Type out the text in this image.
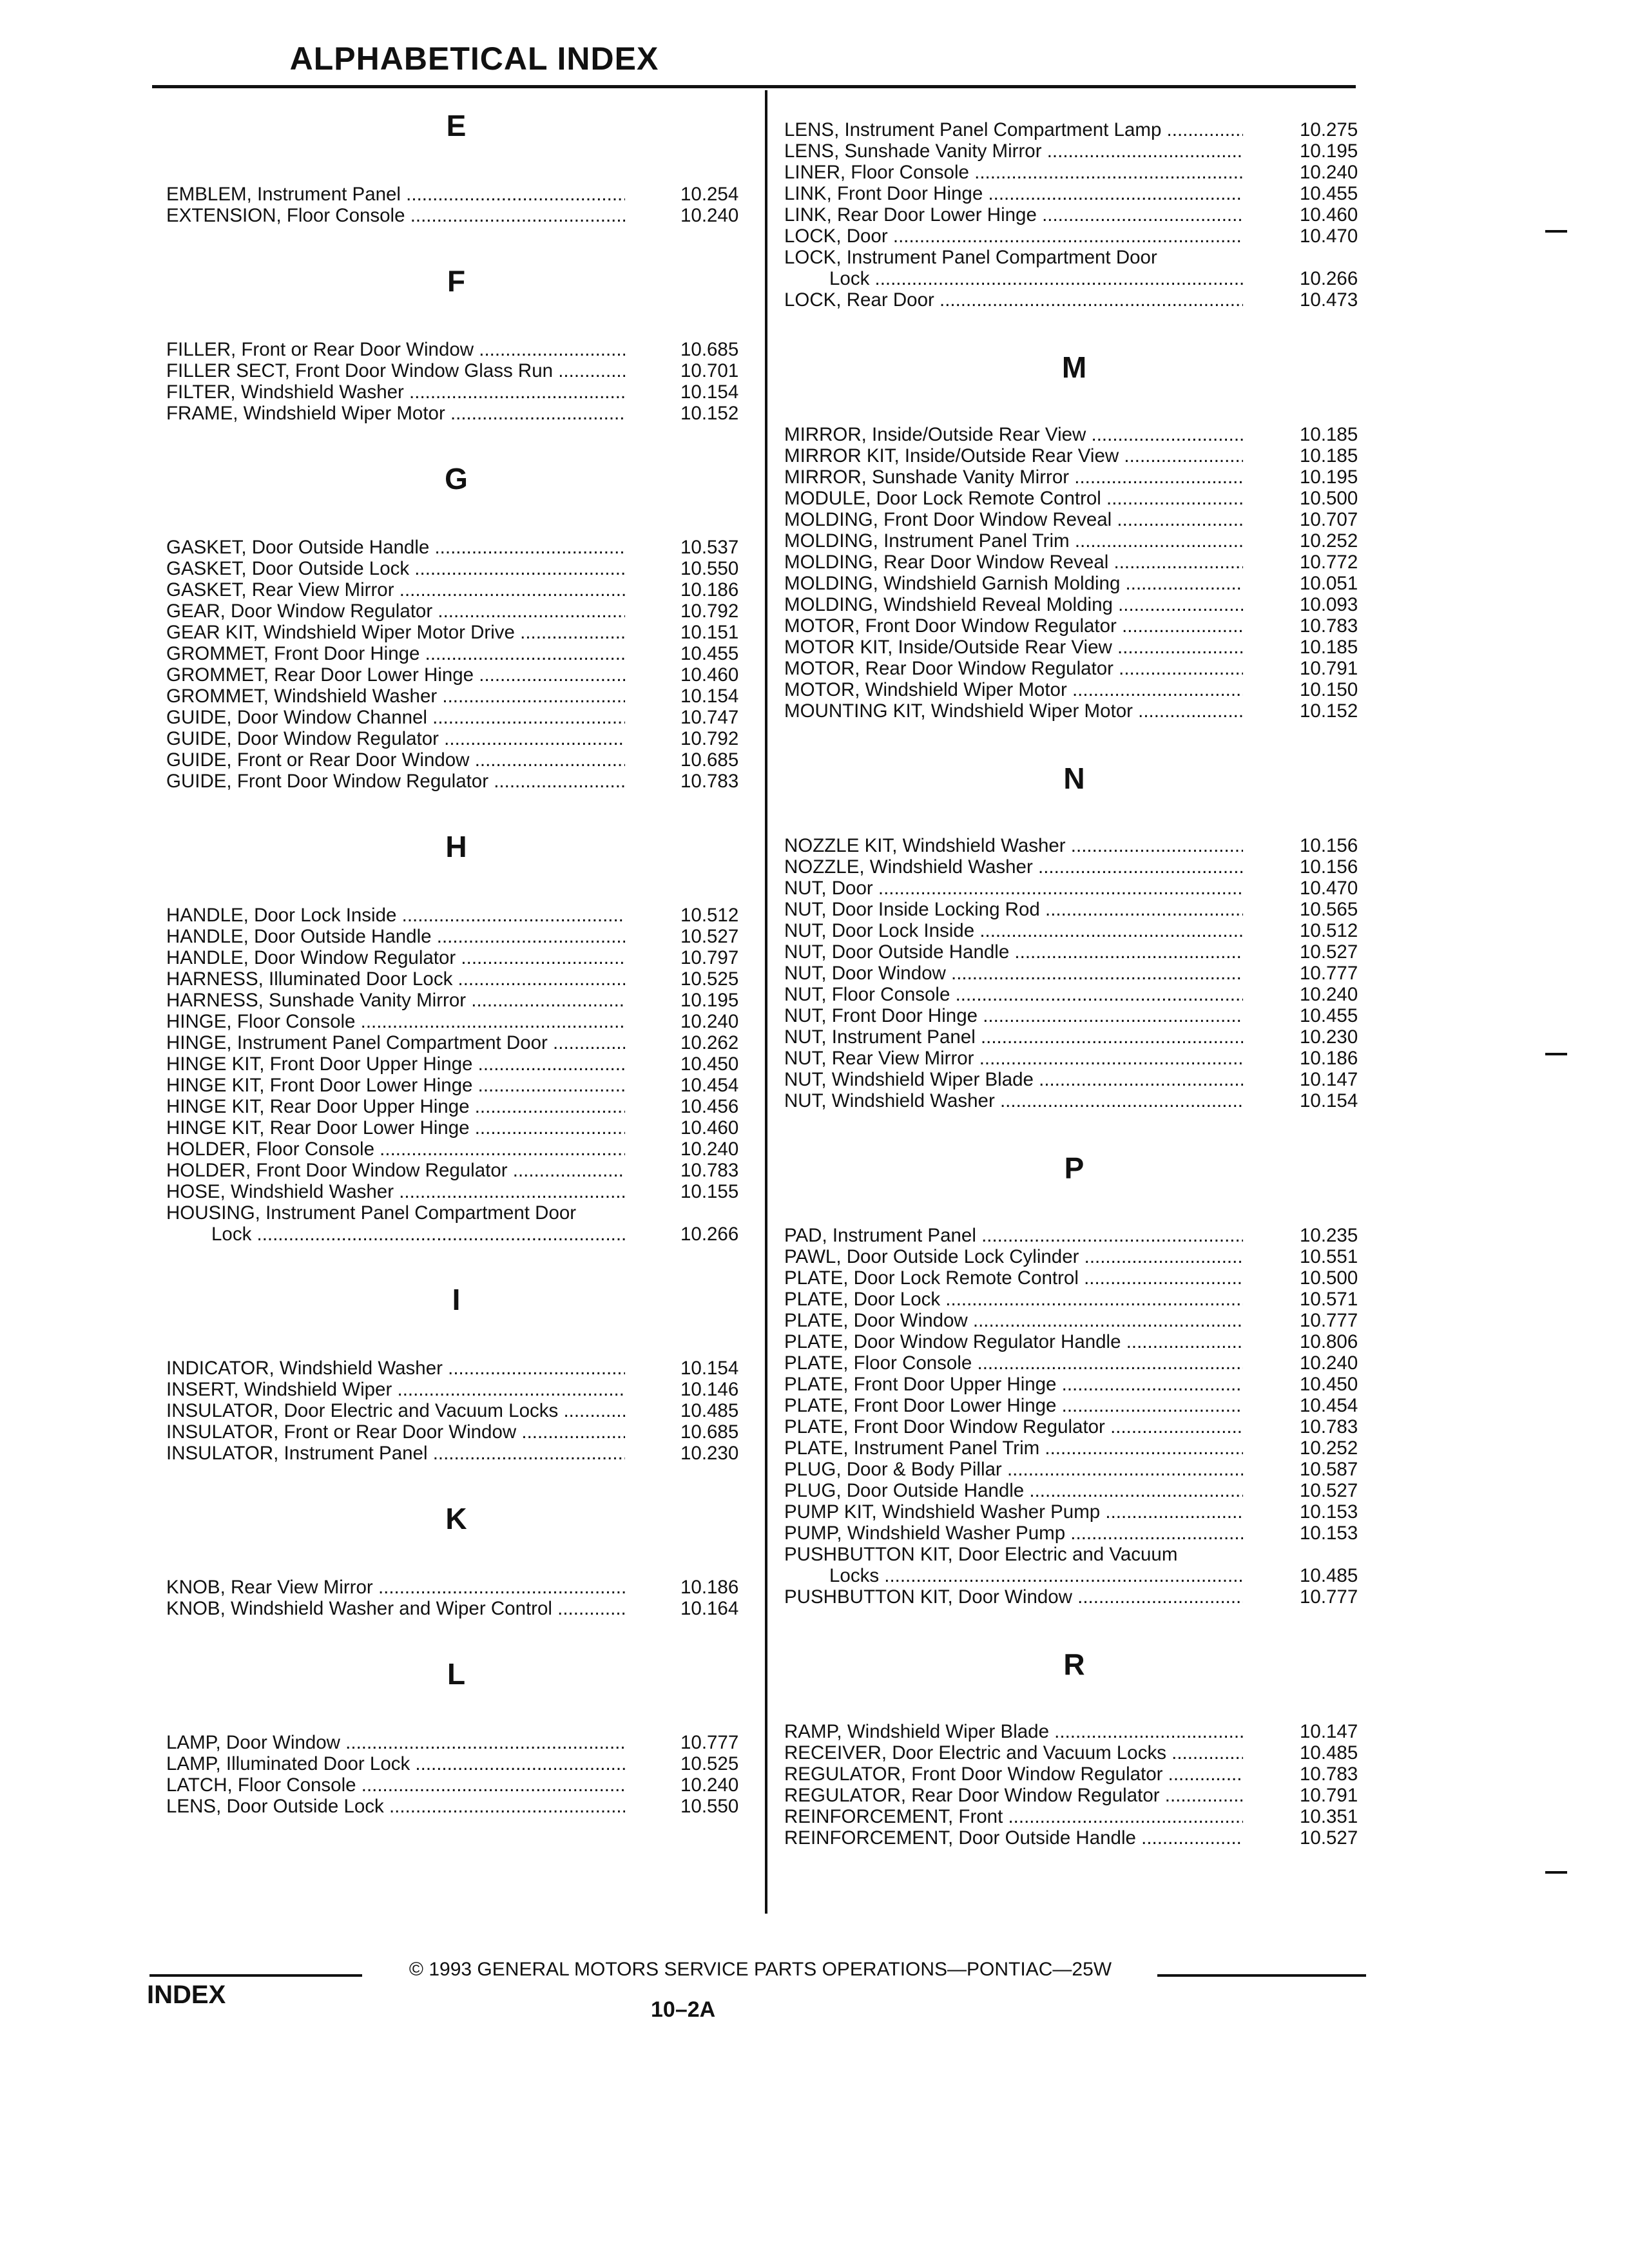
ALPHABETICAL INDEX
E
EMBLEM, Instrument Panel .....	10.254
EXTENSION, Floor Console .....	10.240
F
FILLER, Front or Rear Door Window .....	10.685
FILLER SECT, Front Door Window Glass Run .....	10.701
FILTER, Windshield Washer .....	10.154
FRAME, Windshield Wiper Motor .....	10.152
G
GASKET, Door Outside Handle .....	10.537
GASKET, Door Outside Lock .....	10.550
GASKET, Rear View Mirror .....	10.186
GEAR, Door Window Regulator .....	10.792
GEAR KIT, Windshield Wiper Motor Drive .....	10.151
GROMMET, Front Door Hinge .....	10.455
GROMMET, Rear Door Lower Hinge .....	10.460
GROMMET, Windshield Washer .....	10.154
GUIDE, Door Window Channel .....	10.747
GUIDE, Door Window Regulator .....	10.792
GUIDE, Front or Rear Door Window .....	10.685
GUIDE, Front Door Window Regulator .....	10.783
H
HANDLE, Door Lock Inside .....	10.512
HANDLE, Door Outside Handle .....	10.527
HANDLE, Door Window Regulator .....	10.797
HARNESS, Illuminated Door Lock .....	10.525
HARNESS, Sunshade Vanity Mirror .....	10.195
HINGE, Floor Console .....	10.240
HINGE, Instrument Panel Compartment Door .....	10.262
HINGE KIT, Front Door Upper Hinge .....	10.450
HINGE KIT, Front Door Lower Hinge .....	10.454
HINGE KIT, Rear Door Upper Hinge .....	10.456
HINGE KIT, Rear Door Lower Hinge .....	10.460
HOLDER, Floor Console .....	10.240
HOLDER, Front Door Window Regulator .....	10.783
HOSE, Windshield Washer .....	10.155
HOUSING, Instrument Panel Compartment Door
Lock .....	10.266
I
INDICATOR, Windshield Washer .....	10.154
INSERT, Windshield Wiper .....	10.146
INSULATOR, Door Electric and Vacuum Locks .....	10.485
INSULATOR, Front or Rear Door Window .....	10.685
INSULATOR, Instrument Panel .....	10.230
K
KNOB, Rear View Mirror .....	10.186
KNOB, Windshield Washer and Wiper Control .....	10.164
L
LAMP, Door Window .....	10.777
LAMP, Illuminated Door Lock .....	10.525
LATCH, Floor Console .....	10.240
LENS, Door Outside Lock .....	10.550
LENS, Instrument Panel Compartment Lamp .....	10.275
LENS, Sunshade Vanity Mirror .....	10.195
LINER, Floor Console .....	10.240
LINK, Front Door Hinge .....	10.455
LINK, Rear Door Lower Hinge .....	10.460
LOCK, Door .....	10.470
LOCK, Instrument Panel Compartment Door
Lock .....	10.266
LOCK, Rear Door .....	10.473
M
MIRROR, Inside/Outside Rear View .....	10.185
MIRROR KIT, Inside/Outside Rear View .....	10.185
MIRROR, Sunshade Vanity Mirror .....	10.195
MODULE, Door Lock Remote Control .....	10.500
MOLDING, Front Door Window Reveal .....	10.707
MOLDING, Instrument Panel Trim .....	10.252
MOLDING, Rear Door Window Reveal .....	10.772
MOLDING, Windshield Garnish Molding .....	10.051
MOLDING, Windshield Reveal Molding .....	10.093
MOTOR, Front Door Window Regulator .....	10.783
MOTOR KIT, Inside/Outside Rear View .....	10.185
MOTOR, Rear Door Window Regulator .....	10.791
MOTOR, Windshield Wiper Motor .....	10.150
MOUNTING KIT, Windshield Wiper Motor .....	10.152
N
NOZZLE KIT, Windshield Washer .....	10.156
NOZZLE, Windshield Washer .....	10.156
NUT, Door .....	10.470
NUT, Door Inside Locking Rod .....	10.565
NUT, Door Lock Inside .....	10.512
NUT, Door Outside Handle .....	10.527
NUT, Door Window .....	10.777
NUT, Floor Console .....	10.240
NUT, Front Door Hinge .....	10.455
NUT, Instrument Panel .....	10.230
NUT, Rear View Mirror .....	10.186
NUT, Windshield Wiper Blade .....	10.147
NUT, Windshield Washer .....	10.154
P
PAD, Instrument Panel .....	10.235
PAWL, Door Outside Lock Cylinder .....	10.551
PLATE, Door Lock Remote Control .....	10.500
PLATE, Door Lock .....	10.571
PLATE, Door Window .....	10.777
PLATE, Door Window Regulator Handle .....	10.806
PLATE, Floor Console .....	10.240
PLATE, Front Door Upper Hinge .....	10.450
PLATE, Front Door Lower Hinge .....	10.454
PLATE, Front Door Window Regulator .....	10.783
PLATE, Instrument Panel Trim .....	10.252
PLUG, Door & Body Pillar .....	10.587
PLUG, Door Outside Handle .....	10.527
PUMP KIT, Windshield Washer Pump .....	10.153
PUMP, Windshield Washer Pump .....	10.153
PUSHBUTTON KIT, Door Electric and Vacuum
Locks .....	10.485
PUSHBUTTON KIT, Door Window .....	10.777
R
RAMP, Windshield Wiper Blade .....	10.147
RECEIVER, Door Electric and Vacuum Locks .....	10.485
REGULATOR, Front Door Window Regulator .....	10.783
REGULATOR, Rear Door Window Regulator .....	10.791
REINFORCEMENT, Front .....	10.351
REINFORCEMENT, Door Outside Handle .....	10.527
© 1993 GENERAL MOTORS SERVICE PARTS OPERATIONS—PONTIAC—25W
INDEX
10–2A
